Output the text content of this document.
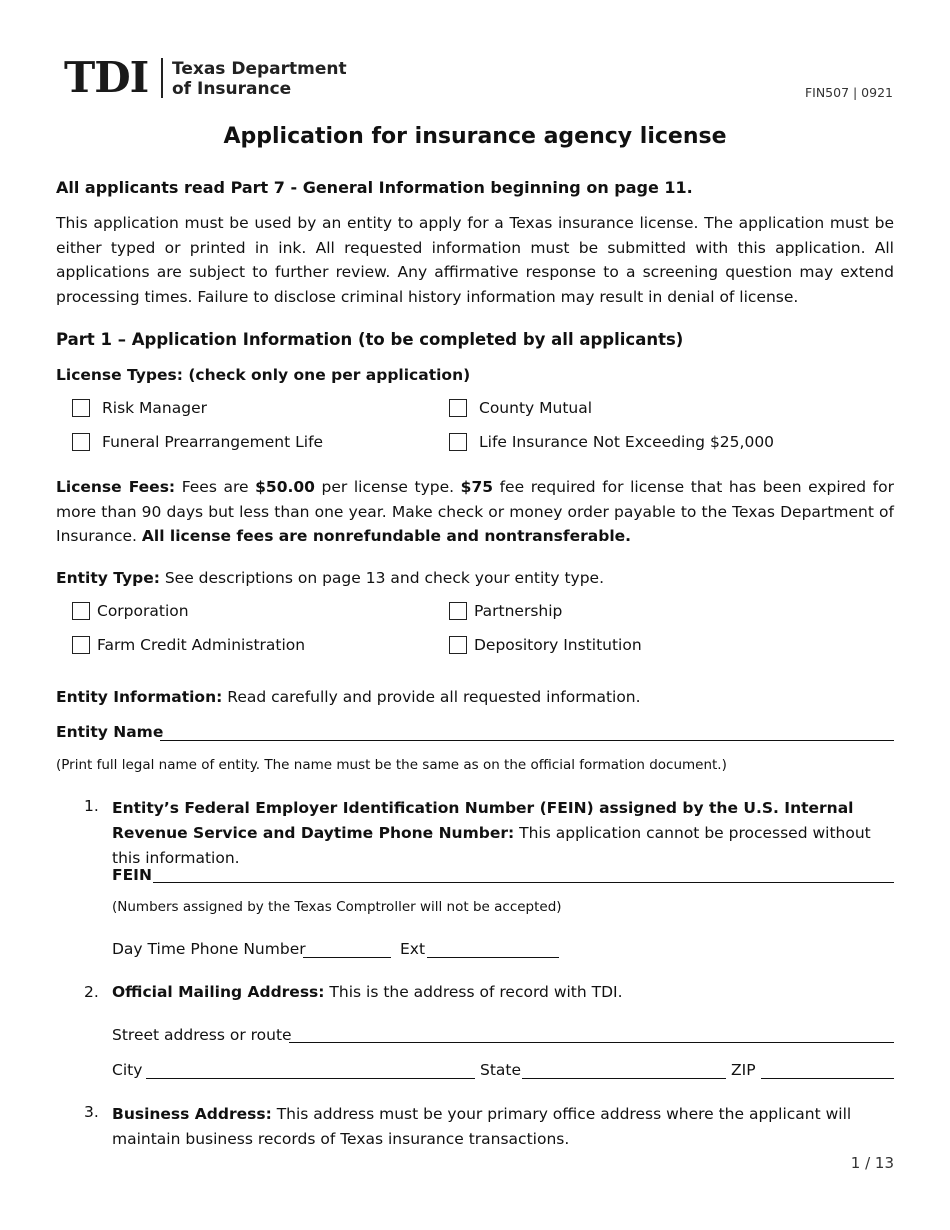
TDI Texas Department
of Insurance	FIN507 | 0921
Application for insurance agency license
All applicants read Part 7 - General Information beginning on page 11.
This application must be used by an entity to apply for a Texas insurance license. The application must be either typed or printed in ink. All requested information must be submitted with this application. All applications are subject to further review. Any affirmative response to a screening question may extend processing times. Failure to disclose criminal history information may result in denial of license.
Part 1 – Application Information (to be completed by all applicants)
License Types: (check only one per application)
Risk Manager	County Mutual
Funeral Prearrangement Life	Life Insurance Not Exceeding $25,000
License Fees: Fees are $50.00 per license type. $75 fee required for license that has been expired for more than 90 days but less than one year. Make check or money order payable to the Texas Department of Insurance. All license fees are nonrefundable and nontransferable.
Entity Type: See descriptions on page 13 and check your entity type.
Corporation	Partnership
Farm Credit Administration	Depository Institution
Entity Information: Read carefully and provide all requested information.
Entity Name
(Print full legal name of entity. The name must be the same as on the official formation document.)
1. Entity’s Federal Employer Identification Number (FEIN) assigned by the U.S. Internal Revenue Service and Daytime Phone Number: This application cannot be processed without this information.
FEIN
(Numbers assigned by the Texas Comptroller will not be accepted)
Day Time Phone Number	Ext
2. Official Mailing Address: This is the address of record with TDI.
Street address or route
City	State	ZIP
3. Business Address: This address must be your primary office address where the applicant will maintain business records of Texas insurance transactions.
1 / 13
